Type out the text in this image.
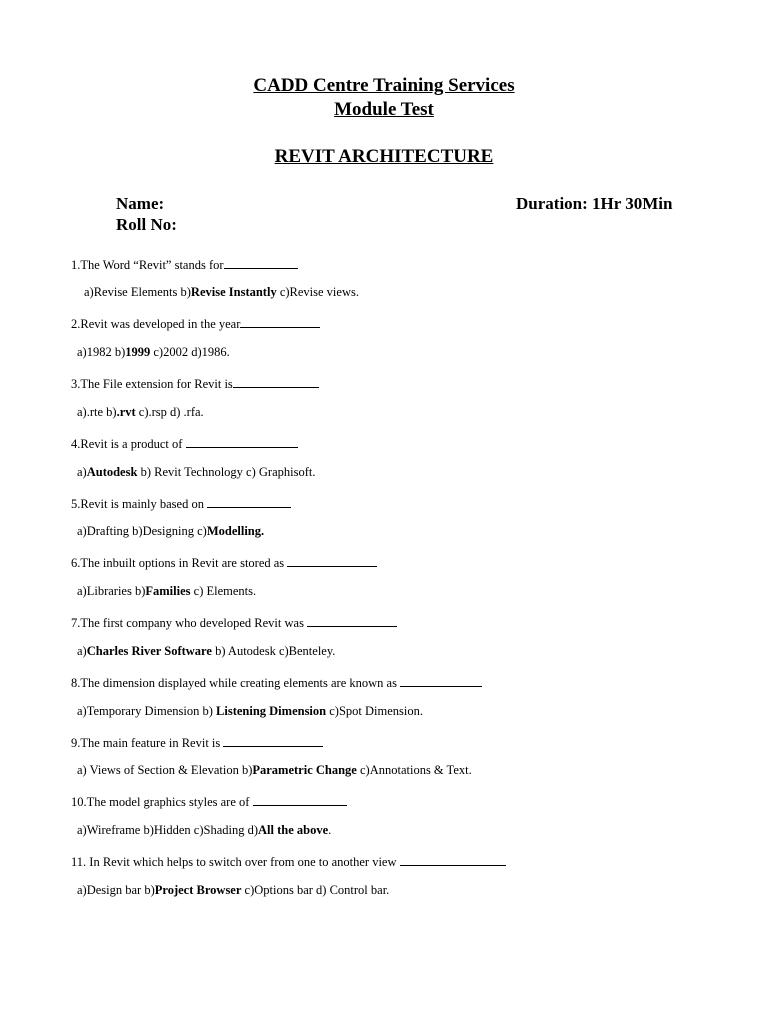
CADD Centre Training Services
Module Test
REVIT ARCHITECTURE
Name:
Roll No:
Duration: 1Hr 30Min
1.The Word “Revit” stands for
a)Revise Elements b)Revise Instantly c)Revise views.
2.Revit was developed in the year
a)1982 b)1999 c)2002 d)1986.
3.The File extension for Revit is
a).rte b).rvt c).rsp d) .rfa.
4.Revit is a product of
a)Autodesk b) Revit Technology c) Graphisoft.
5.Revit is mainly based on
a)Drafting b)Designing c)Modelling.
6.The inbuilt options in Revit are stored as
a)Libraries b)Families c) Elements.
7.The first company who developed Revit was
a)Charles River Software b) Autodesk c)Benteley.
8.The dimension displayed while creating elements are known as
a)Temporary Dimension b) Listening Dimension c)Spot Dimension.
9.The main feature in Revit is
a) Views of Section & Elevation b)Parametric Change c)Annotations & Text.
10.The model graphics styles are of
a)Wireframe b)Hidden c)Shading d)All the above.
11. In Revit which helps to switch over from one to another view
a)Design bar b)Project Browser c)Options bar d) Control bar.
